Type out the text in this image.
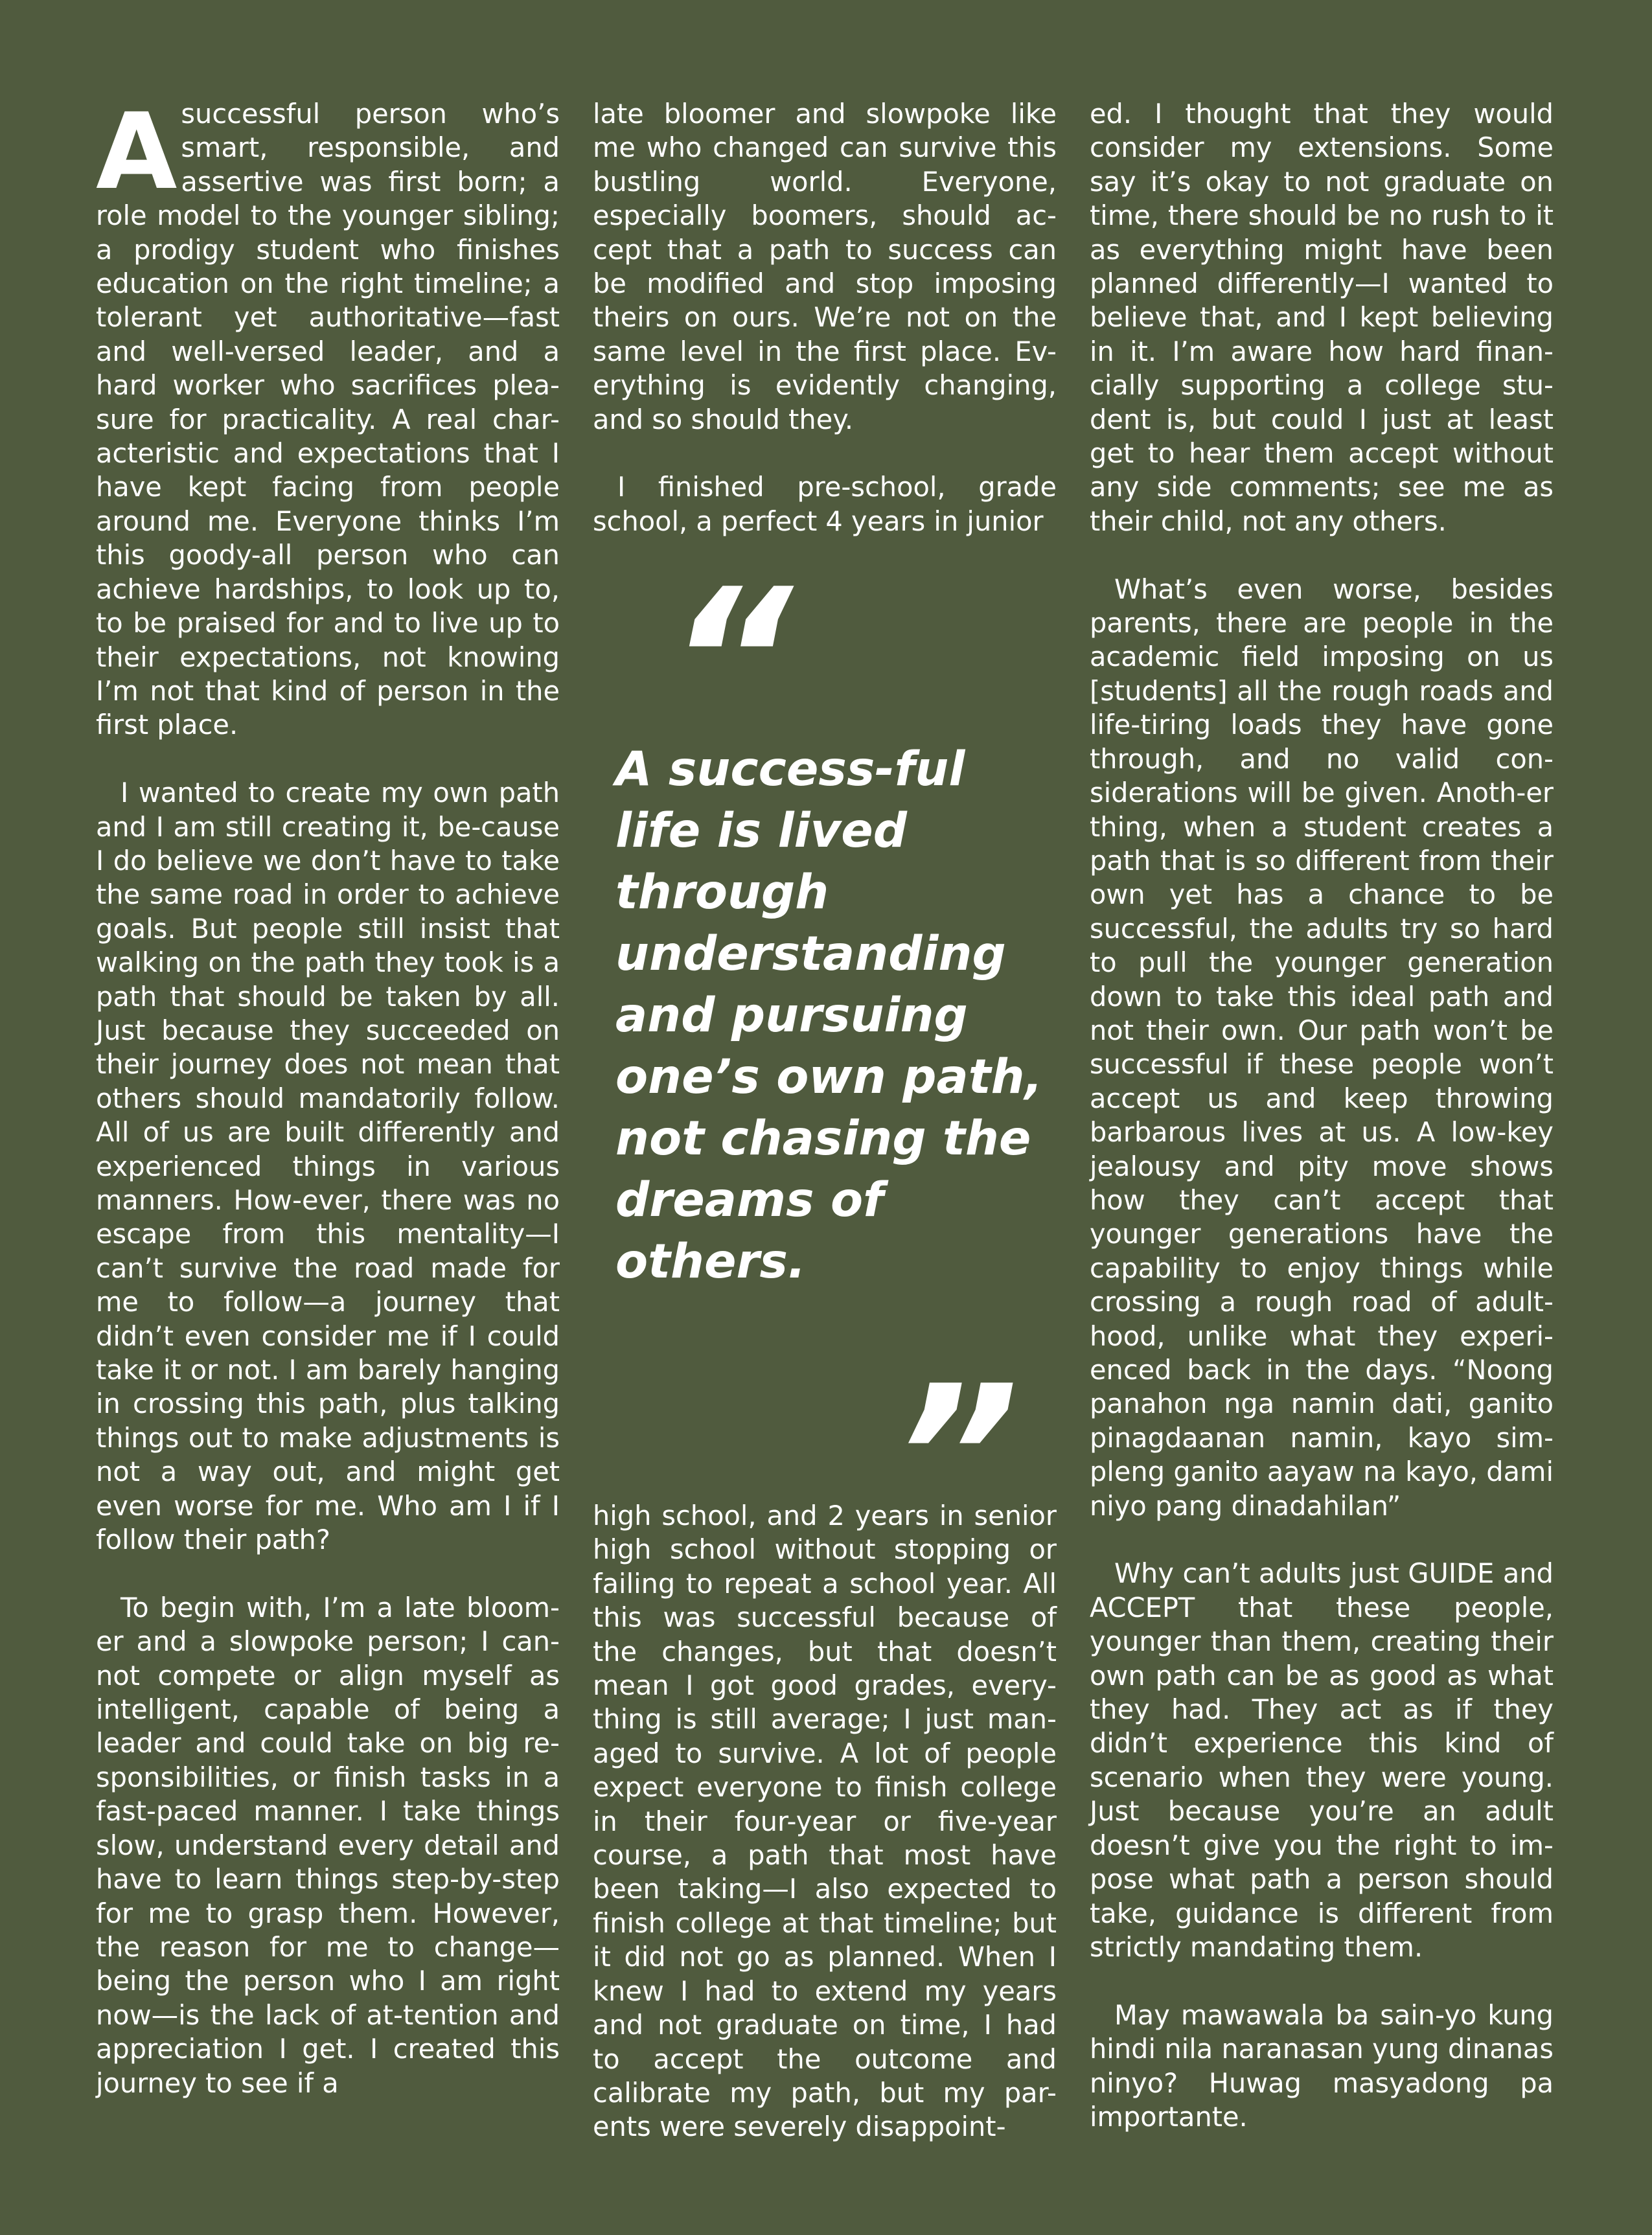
Asuccessful person who’s smart, responsible, and assertive was first born; a role model to the younger sibling; a prodigy student who finishes education on the right timeline; a tolerant yet authoritative—fast and well-versed leader, and a hard worker who sacrifices plea-sure for practicality. A real char-acteristic and expectations that I have kept facing from people around me. Everyone thinks I’m this goody-all person who can achieve hardships, to look up to, to be praised for and to live up to their expectations, not knowing I’m not that kind of person in the first place.

I wanted to create my own path and I am still creating it, be-cause I do believe we don’t have to take the same road in order to achieve goals. But people still insist that walking on the path they took is a path that should be taken by all. Just because they succeeded on their journey does not mean that others should mandatorily follow. All of us are built differently and experienced things in various manners. How-ever, there was no escape from this mentality—I can’t survive the road made for me to follow—a journey that didn’t even consider me if I could take it or not. I am barely hanging in crossing this path, plus talking things out to make adjustments is not a way out, and might get even worse for me. Who am I if I follow their path?

To begin with, I’m a late bloom-er and a slowpoke person; I can-not compete or align myself as intelligent, capable of being a leader and could take on big re-sponsibilities, or finish tasks in a fast-paced manner. I take things slow, understand every detail and have to learn things step-by-step for me to grasp them. However, the reason for me to change—being the person who I am right now—is the lack of at-tention and appreciation I get. I created this journey to see if a

late bloomer and slowpoke like me who changed can survive this bustling world. Everyone, especially boomers, should ac-cept that a path to success can be modified and stop imposing theirs on ours. We’re not on the same level in the first place. Ev-erything is evidently changing, and so should they.

I finished pre-school, grade school, a perfect 4 years in junior

“
A success-ful life is lived through understanding and pursuing one’s own path, not chasing the dreams of others.
”

high school, and 2 years in senior high school without stopping or failing to repeat a school year. All this was successful because of the changes, but that doesn’t mean I got good grades, every-thing is still average; I just man-aged to survive. A lot of people expect everyone to finish college in their four-year or five-year course, a path that most have been taking—I also expected to finish college at that timeline; but it did not go as planned. When I knew I had to extend my years and not graduate on time, I had to accept the outcome and calibrate my path, but my par-ents were severely disappoint-

ed. I thought that they would consider my extensions. Some say it’s okay to not graduate on time, there should be no rush to it as everything might have been planned differently—I wanted to believe that, and I kept believing in it. I’m aware how hard finan-cially supporting a college stu-dent is, but could I just at least get to hear them accept without any side comments; see me as their child, not any others.

What’s even worse, besides parents, there are people in the academic field imposing on us [students] all the rough roads and life-tiring loads they have gone through, and no valid con-siderations will be given. Anoth-er thing, when a student creates a path that is so different from their own yet has a chance to be successful, the adults try so hard to pull the younger generation down to take this ideal path and not their own. Our path won’t be successful if these people won’t accept us and keep throwing barbarous lives at us. A low-key jealousy and pity move shows how they can’t accept that younger generations have the capability to enjoy things while crossing a rough road of adult-hood, unlike what they experi-enced back in the days. “Noong panahon nga namin dati, ganito pinagdaanan namin, kayo sim-pleng ganito aayaw na kayo, dami niyo pang dinadahilan”

Why can’t adults just GUIDE and ACCEPT that these people, younger than them, creating their own path can be as good as what they had. They act as if they didn’t experience this kind of scenario when they were young. Just because you’re an adult doesn’t give you the right to im-pose what path a person should take, guidance is different from strictly mandating them.

May mawawala ba sain-yo kung hindi nila naranasan yung dinanas ninyo? Huwag masyadong pa importante.
